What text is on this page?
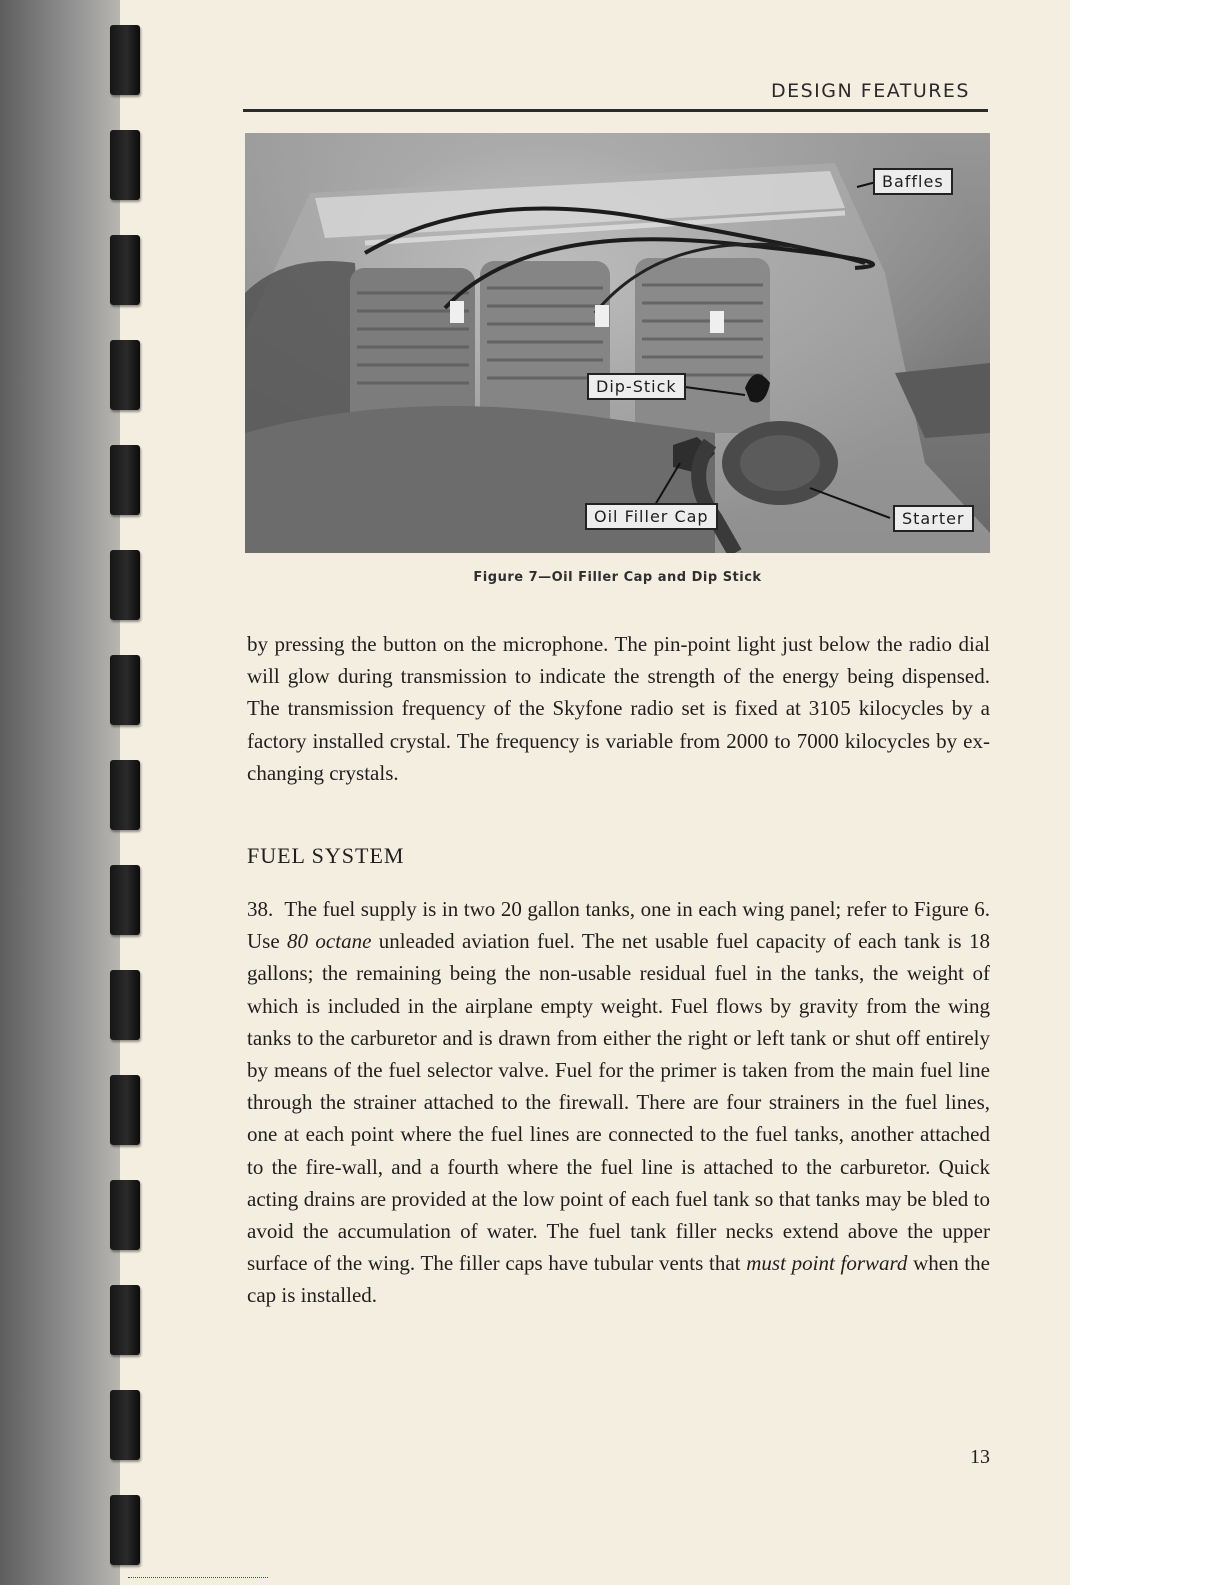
DESIGN FEATURES
Baffles
Dip-Stick
Oil Filler Cap	Starter
Figure 7—Oil Filler Cap and Dip Stick

by pressing the button on the microphone. The pin-point light just below the radio dial will glow during transmission to indicate the strength of the energy being dispensed. The transmission frequency of the Skyfone radio set is fixed at 3105 kilocycles by a factory installed crystal. The frequency is variable from 2000 to 7000 kilocycles by ex-changing crystals.

FUEL SYSTEM

38. The fuel supply is in two 20 gallon tanks, one in each wing panel; refer to Figure 6. Use 80 octane unleaded aviation fuel. The net usable fuel capacity of each tank is 18 gallons; the remaining being the non-usable residual fuel in the tanks, the weight of which is included in the airplane empty weight. Fuel flows by gravity from the wing tanks to the carburetor and is drawn from either the right or left tank or shut off entirely by means of the fuel selector valve. Fuel for the primer is taken from the main fuel line through the strainer attached to the firewall. There are four strainers in the fuel lines, one at each point where the fuel lines are connected to the fuel tanks, another attached to the fire-wall, and a fourth where the fuel line is attached to the carburetor. Quick acting drains are provided at the low point of each fuel tank so that tanks may be bled to avoid the accumulation of water. The fuel tank filler necks extend above the upper surface of the wing. The filler caps have tubular vents that must point forward when the cap is installed.

13
